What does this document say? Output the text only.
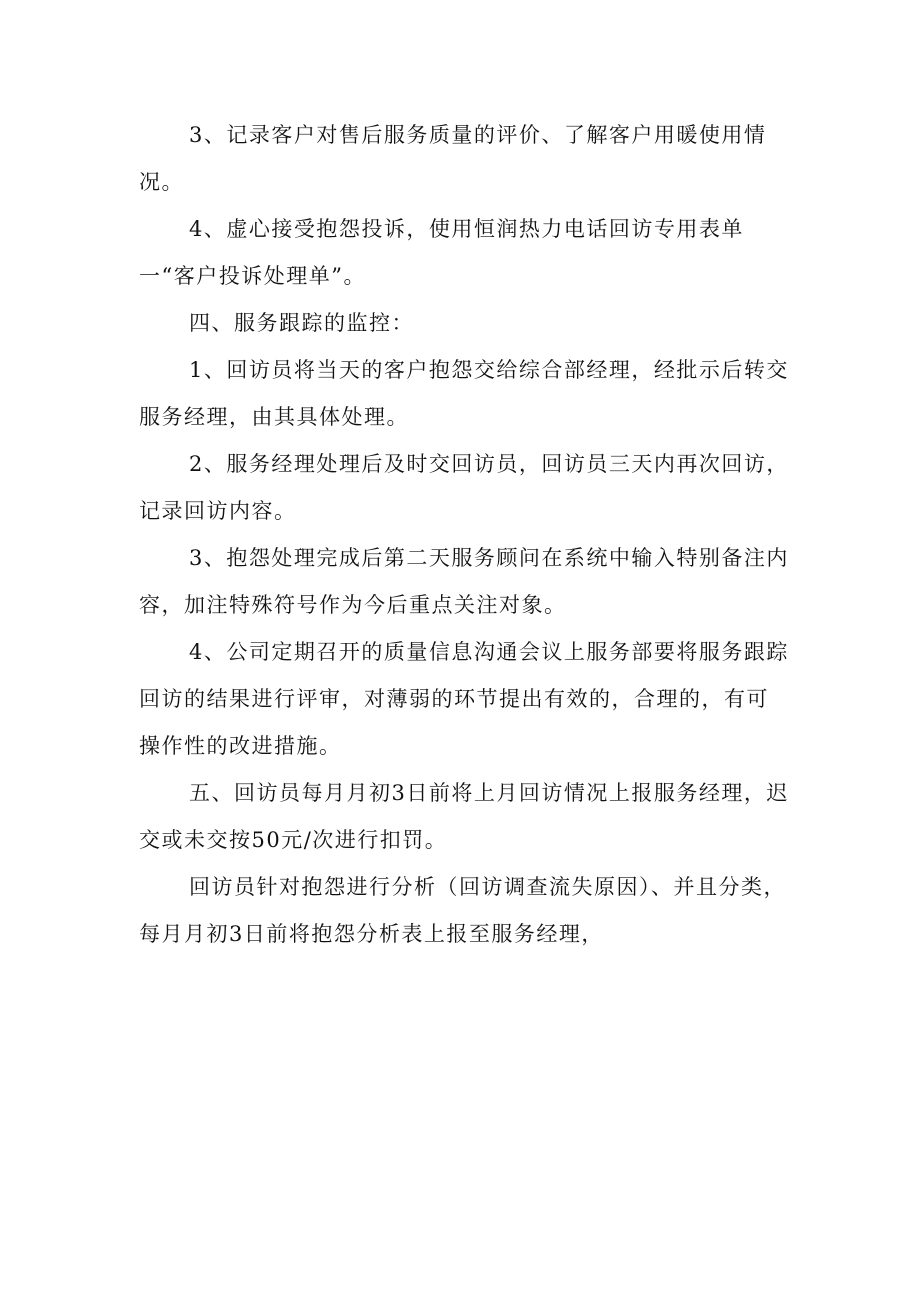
3、记录客户对售后服务质量的评价、了解客户用暖使用情况。

4、虚心接受抱怨投诉，使用恒润热力电话回访专用表单一“客户投诉处理单”。

四、服务跟踪的监控：

1、回访员将当天的客户抱怨交给综合部经理，经批示后转交服务经理，由其具体处理。

2、服务经理处理后及时交回访员，回访员三天内再次回访，记录回访内容。

3、抱怨处理完成后第二天服务顾问在系统中输入特别备注内容，加注特殊符号作为今后重点关注对象。

4、公司定期召开的质量信息沟通会议上服务部要将服务跟踪回访的结果进行评审，对薄弱的环节提出有效的，合理的，有可操作性的改进措施。

五、回访员每月月初3日前将上月回访情况上报服务经理，迟交或未交按50元/次进行扣罚。

回访员针对抱怨进行分析（回访调查流失原因）、并且分类，每月月初3日前将抱怨分析表上报至服务经理，
